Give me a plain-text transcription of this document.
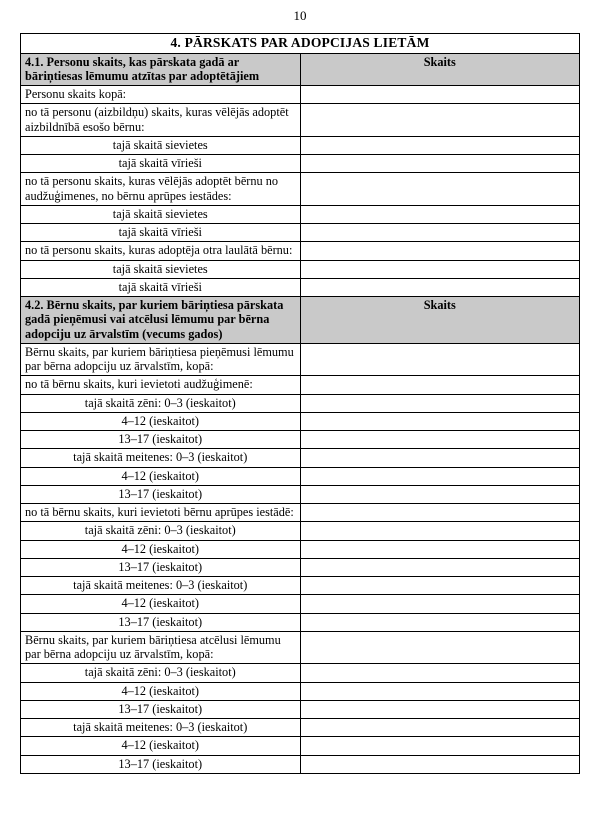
10
4. PĀRSKATS PAR ADOPCIJAS LIETĀM	
4.1. Personu skaits, kas pārskata gadā ar bāriņtiesas lēmumu atzītas par adoptētājiem	Skaits
Personu skaits kopā:	
no tā personu (aizbildņu) skaits, kuras vēlējās adoptēt aizbildnībā esošo bērnu:	
tajā skaitā sievietes	
tajā skaitā vīrieši	
no tā personu skaits, kuras vēlējās adoptēt bērnu no audžuģimenes, no bērnu aprūpes iestādes:	
tajā skaitā sievietes	
tajā skaitā vīrieši	
no tā personu skaits, kuras adoptēja otra laulātā bērnu:	
tajā skaitā sievietes	
tajā skaitā vīrieši	
4.2. Bērnu skaits, par kuriem bāriņtiesa pārskata gadā pieņēmusi vai atcēlusi lēmumu par bērna adopciju uz ārvalstīm (vecums gados)	Skaits
Bērnu skaits, par kuriem bāriņtiesa pieņēmusi lēmumu par bērna adopciju uz ārvalstīm, kopā:	
no tā bērnu skaits, kuri ievietoti audžuģimenē:	
tajā skaitā zēni: 0–3 (ieskaitot)	
4–12 (ieskaitot)	
13–17 (ieskaitot)	
tajā skaitā meitenes: 0–3 (ieskaitot)	
4–12 (ieskaitot)	
13–17 (ieskaitot)	
no tā bērnu skaits, kuri ievietoti bērnu aprūpes iestādē:	
tajā skaitā zēni: 0–3 (ieskaitot)	
4–12 (ieskaitot)	
13–17 (ieskaitot)	
tajā skaitā meitenes: 0–3 (ieskaitot)	
4–12 (ieskaitot)	
13–17 (ieskaitot)	
Bērnu skaits, par kuriem bāriņtiesa atcēlusi lēmumu par bērna adopciju uz ārvalstīm, kopā:	
tajā skaitā zēni: 0–3 (ieskaitot)	
4–12 (ieskaitot)	
13–17 (ieskaitot)	
tajā skaitā meitenes: 0–3 (ieskaitot)	
4–12 (ieskaitot)	
13–17 (ieskaitot)	
